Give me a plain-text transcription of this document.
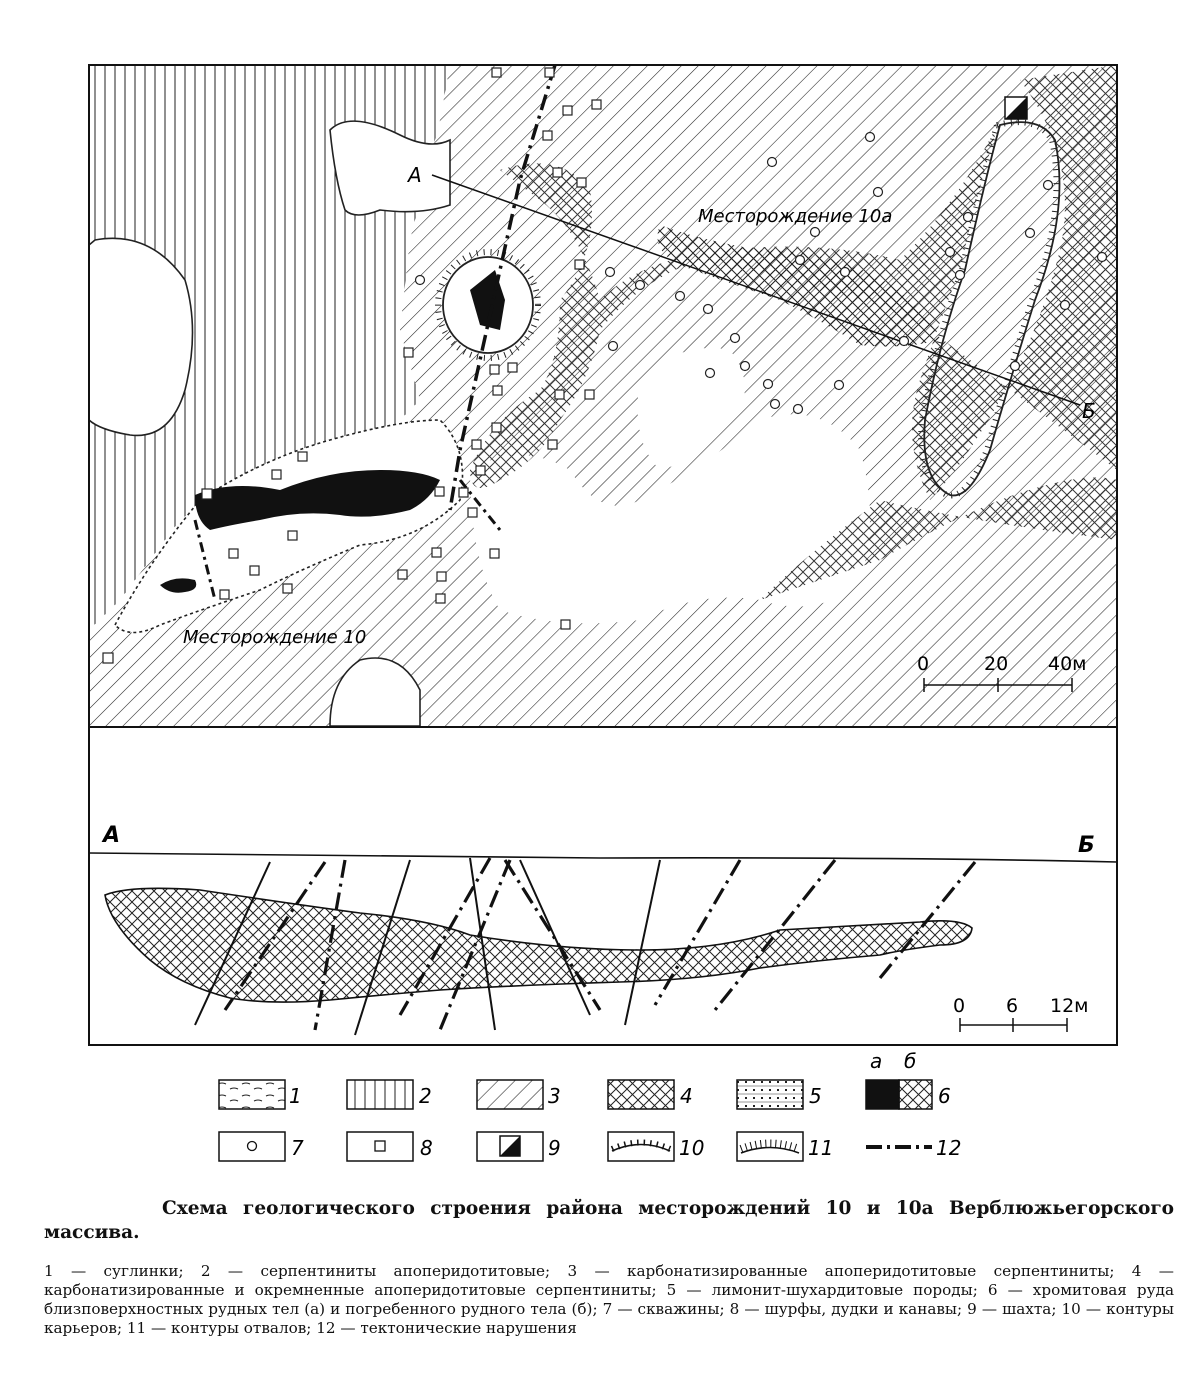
Месторождение 10а
Месторождение 10
А
Б
0	20 40м
А	Б
0 6 12м
а б
1	2	3	4	5	6
7	8	9	10	11	12
Схема геологического строения района месторождений 10 и 10а Верблюжьегорского массива.
1 — суглинки; 2 — серпентиниты апоперидотитовые; 3 — карбонатизированные апоперидотитовые серпентиниты; 4 — карбонатизированные и окремненные апоперидотитовые серпентиниты; 5 — лимонит-шухардитовые породы; 6 — хромитовая руда близповерхностных рудных тел (а) и погребенного рудного тела (б); 7 — скважины; 8 — шурфы, дудки и канавы; 9 — шахта; 10 — контуры карьеров; 11 — контуры отвалов; 12 — тектонические нарушения
